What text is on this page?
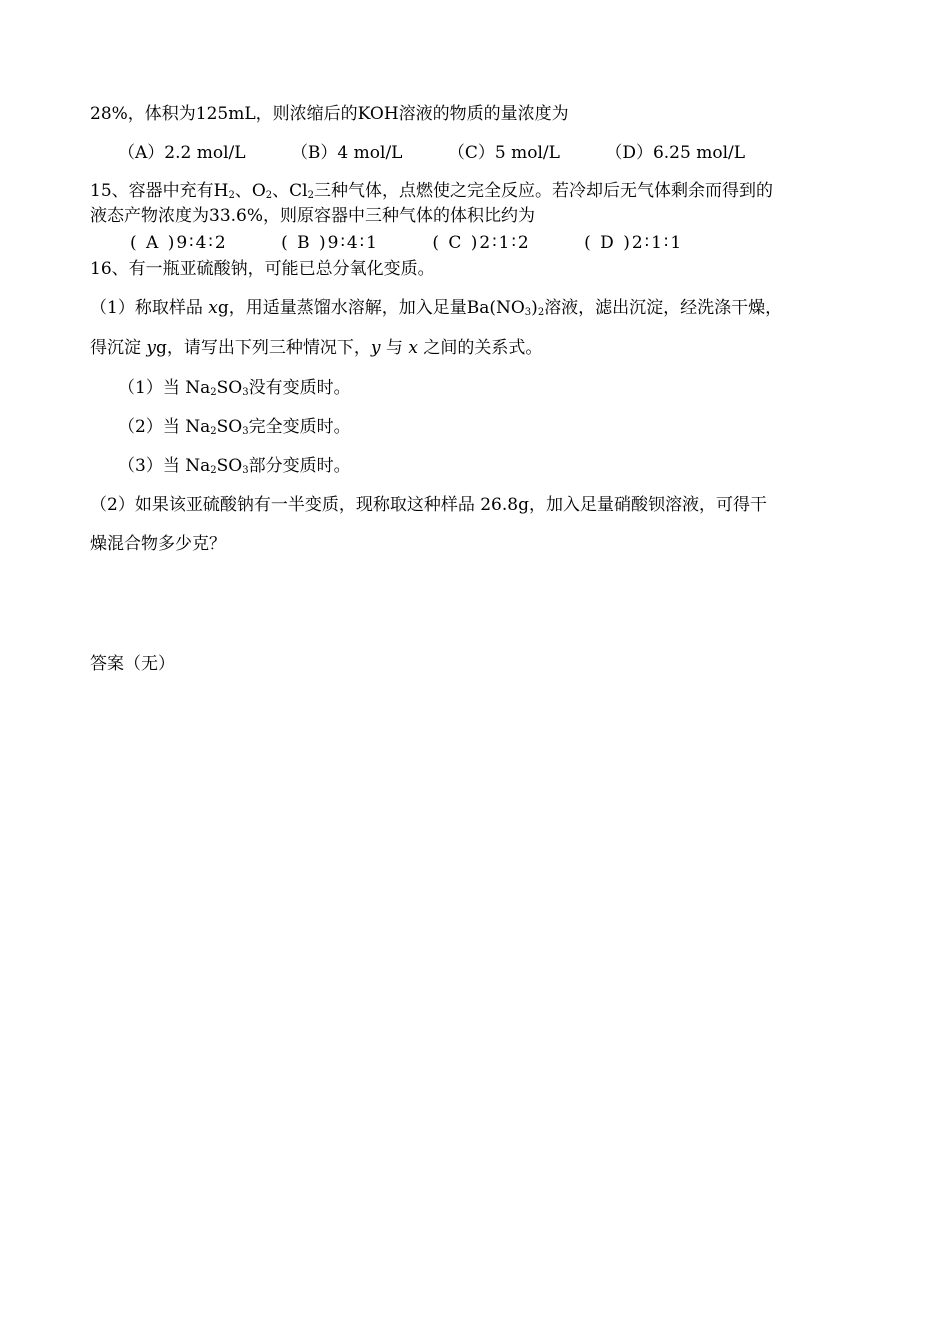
28%，体积为125mL，则浓缩后的KOH溶液的物质的量浓度为
（A）2.2 mol/L	（B）4 mol/L	（C）5 mol/L	（D）6.25 mol/L
15、容器中充有$H_2$、$O_2$、$Cl_2$三种气体，点燃使之完全反应。若冷却后无气体剩余而得到的
液态产物浓度为33.6%，则原容器中三种气体的体积比约为
( A )9∶4∶2	( B )9∶4∶1	( C )2∶1∶2	( D )2∶1∶1
16、有一瓶亚硫酸钠，可能已总分氧化变质。
（1）称取样品 xg，用适量蒸馏水溶解，加入足量$Ba(NO_3)_2$溶液，滤出沉淀，经洗涤干燥，
得沉淀 yg，请写出下列三种情况下，y 与 x 之间的关系式。
（1）当 $Na_2SO_3$没有变质时。
（2）当 $Na_2SO_3$完全变质时。
（3）当 $Na_2SO_3$部分变质时。
（2）如果该亚硫酸钠有一半变质，现称取这种样品 26.8g，加入足量硝酸钡溶液，可得干
燥混合物多少克？
答案（无）
